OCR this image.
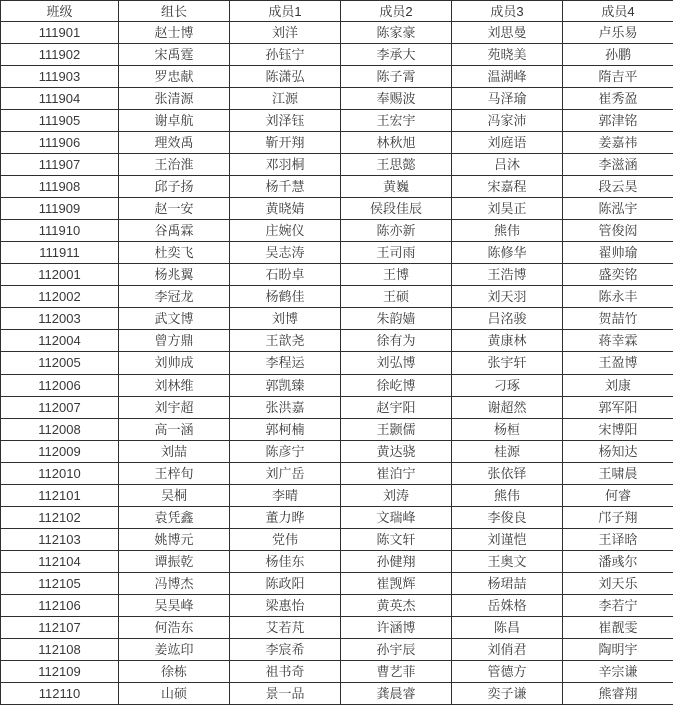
班级	组长	成员1	成员2	成员3	成员4
111901	赵士博	刘洋	陈家豪	刘思曼	卢乐易
111902	宋禹霆	孙钰宁	李承大	苑晓美	孙鹏
111903	罗忠献	陈潇弘	陈子霄	温湖峰	隋吉平
111904	张清源	江源	奉赐波	马泽瑜	崔秀盈
111905	谢卓航	刘泽钰	王宏宇	冯家沛	郭津铭
111906	理效禹	靳开翔	林秋旭	刘庭语	姜嘉祎
111907	王治淮	邓羽桐	王思懿	吕沐	李滋涵
111908	邱子扬	杨千慧	黄巍	宋嘉程	段云昊
111909	赵一安	黄晓婧	侯段佳辰	刘昊正	陈泓宇
111910	谷禹霖	庄婉仪	陈亦新	熊伟	管俊闳
111911	杜奕飞	吴志涛	王司雨	陈修华	翟帅瑜
112001	杨兆翼	石盼卓	王博	王浩博	盛奕铭
112002	李冠龙	杨鹤佳	王硕	刘天羽	陈永丰
112003	武文博	刘博	朱韵嫱	吕洺骏	贺喆竹
112004	曾方鼎	王歆尧	徐有为	黄康林	蒋幸霖
112005	刘帅成	李程运	刘弘博	张宇轩	王盈博
112006	刘林维	郭凯臻	徐屹博	刁琢	刘康
112007	刘宇超	张洪嘉	赵宇阳	谢超然	郭军阳
112008	高一涵	郭柯楠	王颢儒	杨桓	宋博阳
112009	刘喆	陈彦宁	黄达骁	桂源	杨知达
112010	王梓旬	刘广岳	崔泊宁	张依铎	王啸晨
112101	吴桐	李晴	刘涛	熊伟	何睿
112102	袁凭鑫	董力晔	文瑞峰	李俊良	邝子翔
112103	姚博元	党伟	陈文轩	刘谨恺	王译晗
112104	谭振乾	杨佳东	孙健翔	王奥文	潘彧尔
112105	冯博杰	陈政阳	崔觊辉	杨珺喆	刘天乐
112106	吴昊峰	梁惠怡	黄英杰	岳姝格	李若宁
112107	何浩东	艾若芃	许涵博	陈昌	崔靓雯
112108	姜竑印	李宸希	孙宇辰	刘俏君	陶明宇
112109	徐栋	祖书奇	曹艺菲	管德方	辛宗谦
112110	山硕	景一品	龚晨睿	奕子谦	熊睿翔
